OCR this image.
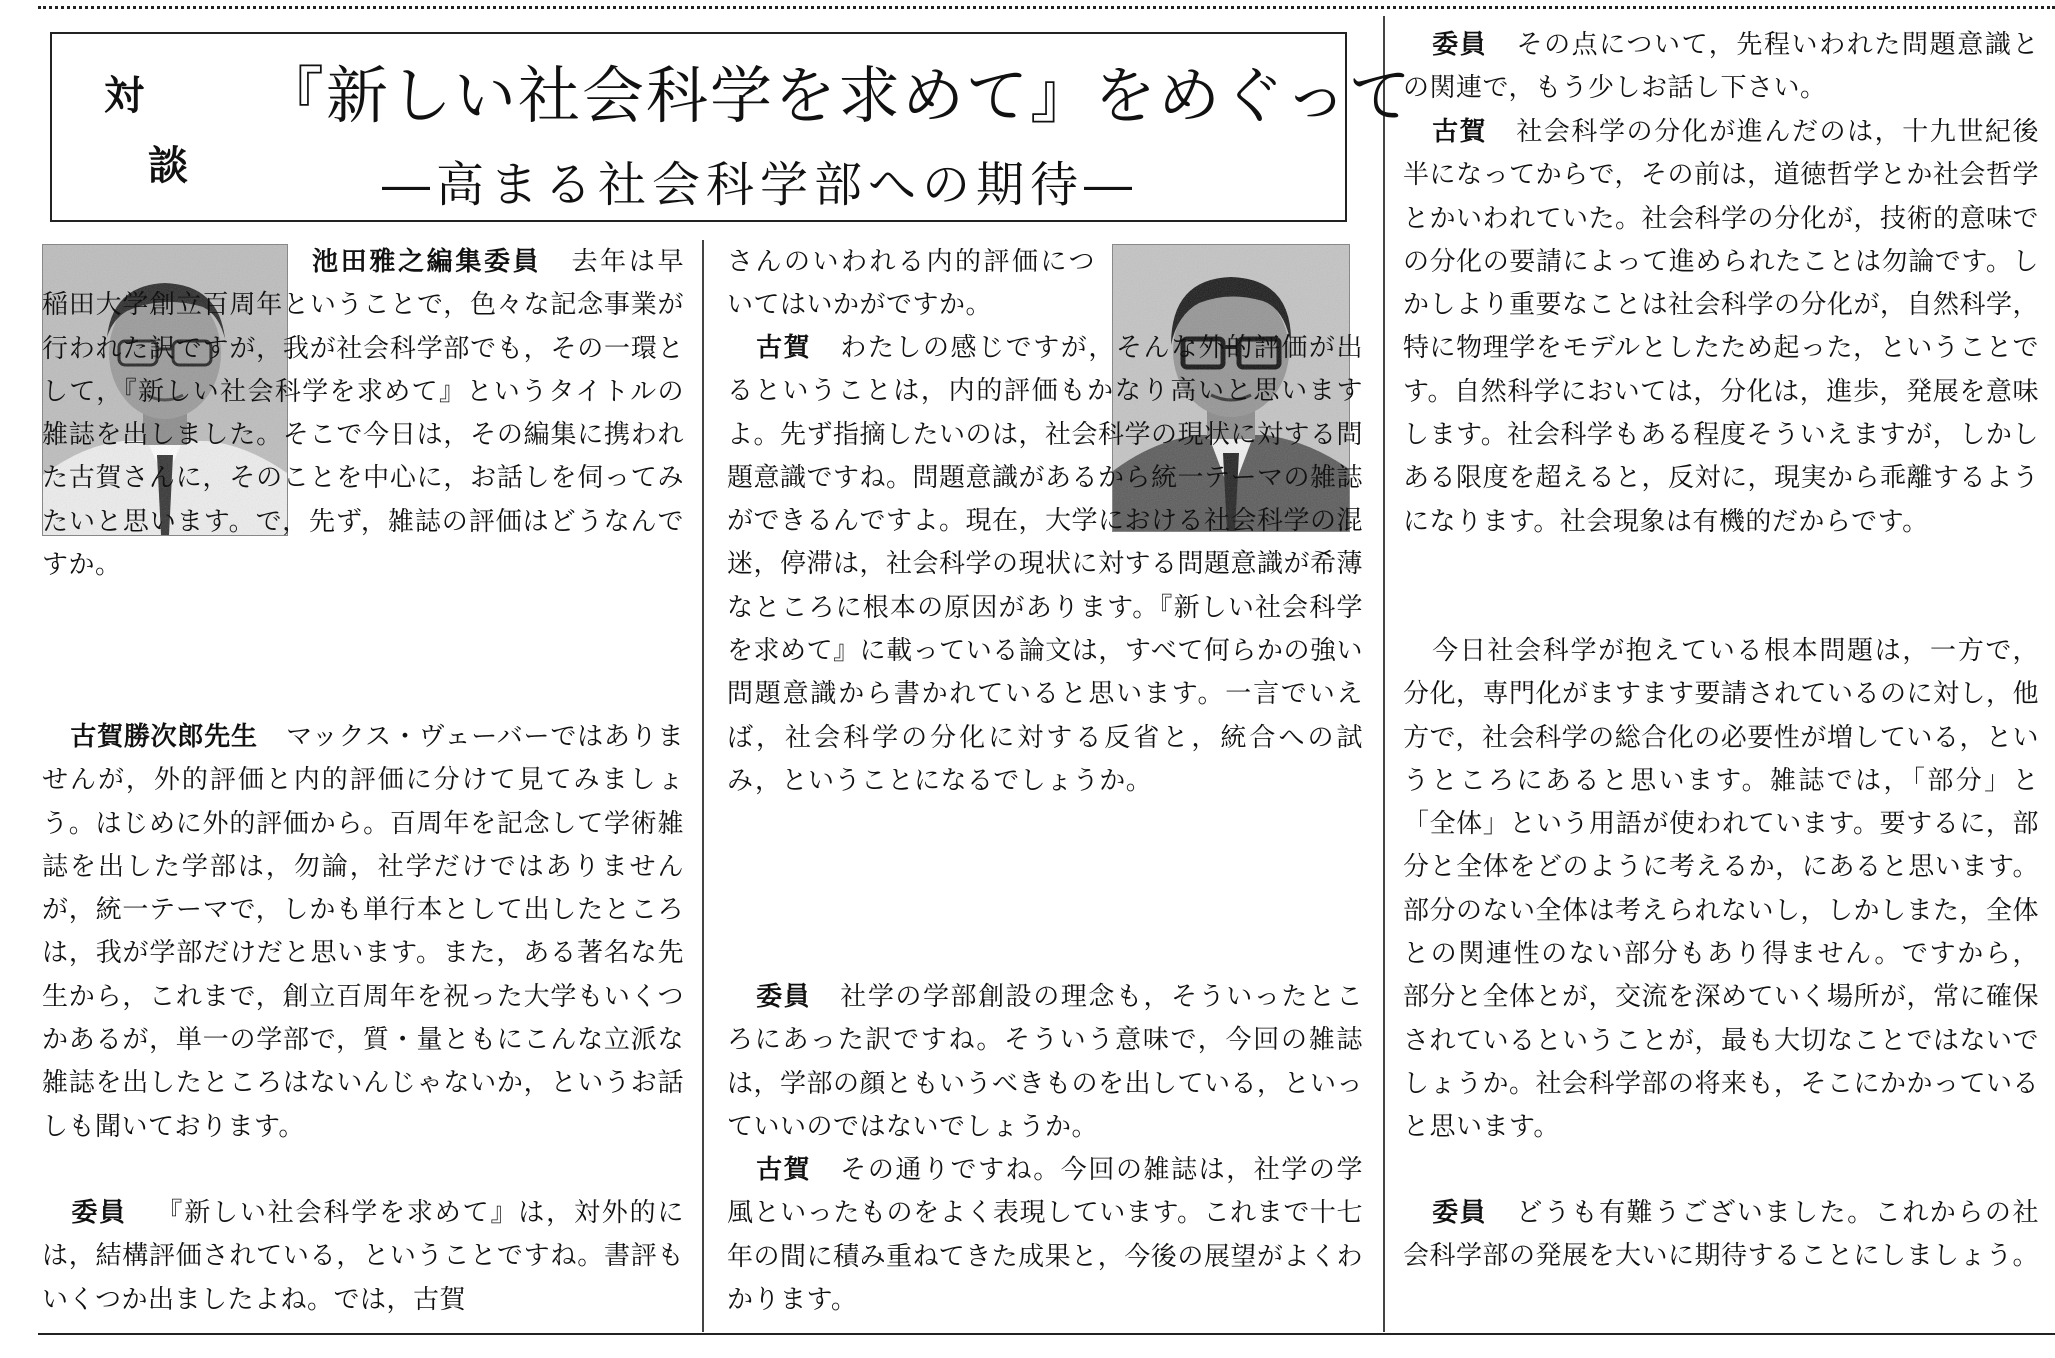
対
談
『新しい社会科学を求めて』をめぐって
―高まる社会科学部への期待―

池田雅之編集委員 去年は早稲田大学創立百周年ということで，色々な記念事業が行われた訳ですが，我が社会科学部でも，その一環として，『新しい社会科学を求めて』というタイトルの雑誌を出しました。そこで今日は，その編集に携われた古賀さんに，そのことを中心に，お話しを伺ってみたいと思います。で，先ず，雑誌の評価はどうなんですか。

古賀勝次郎先生 マックス・ヴェーバーではありませんが，外的評価と内的評価に分けて見てみましょう。はじめに外的評価から。百周年を記念して学術雑誌を出した学部は，勿論，社学だけではありませんが，統一テーマで，しかも単行本として出したところは，我が学部だけだと思います。また，ある著名な先生から，これまで，創立百周年を祝った大学もいくつかあるが，単一の学部で，質・量ともにこんな立派な雑誌を出したところはないんじゃないか，というお話しも聞いております。

委員 『新しい社会科学を求めて』は，対外的には，結構評価されている，ということですね。書評もいくつか出ましたよね。では，古賀

さんのいわれる内的評価についてはいかがですか。

古賀 わたしの感じですが，そんな外的評価が出るということは，内的評価もかなり高いと思いますよ。先ず指摘したいのは，社会科学の現状に対する問題意識ですね。問題意識があるから統一テーマの雑誌ができるんですよ。現在，大学における社会科学の混迷，停滞は，社会科学の現状に対する問題意識が希薄なところに根本の原因があります。『新しい社会科学を求めて』に載っている論文は，すべて何らかの強い問題意識から書かれていると思います。一言でいえば，社会科学の分化に対する反省と，統合への試み，ということになるでしょうか。

委員 社学の学部創設の理念も，そういったところにあった訳ですね。そういう意味で，今回の雑誌は，学部の顔ともいうべきものを出している，といっていいのではないでしょうか。

古賀 その通りですね。今回の雑誌は，社学の学風といったものをよく表現しています。これまで十七年の間に積み重ねてきた成果と，今後の展望がよくわかります。

委員 その点について，先程いわれた問題意識との関連で，もう少しお話し下さい。

古賀 社会科学の分化が進んだのは，十九世紀後半になってからで，その前は，道徳哲学とか社会哲学とかいわれていた。社会科学の分化が，技術的意味での分化の要請によって進められたことは勿論です。しかしより重要なことは社会科学の分化が，自然科学，特に物理学をモデルとしたため起った，ということです。自然科学においては，分化は，進歩，発展を意味します。社会科学もある程度そういえますが，しかしある限度を超えると，反対に，現実から乖離するようになります。社会現象は有機的だからです。

今日社会科学が抱えている根本問題は，一方で，分化，専門化がますます要請されているのに対し，他方で，社会科学の総合化の必要性が増している，というところにあると思います。雑誌では，「部分」と「全体」という用語が使われています。要するに，部分と全体をどのように考えるか，にあると思います。部分のない全体は考えられないし，しかしまた，全体との関連性のない部分もあり得ません。ですから，部分と全体とが，交流を深めていく場所が，常に確保されているということが，最も大切なことではないでしょうか。社会科学部の将来も，そこにかかっていると思います。

委員 どうも有難うございました。これからの社会科学部の発展を大いに期待することにしましょう。
